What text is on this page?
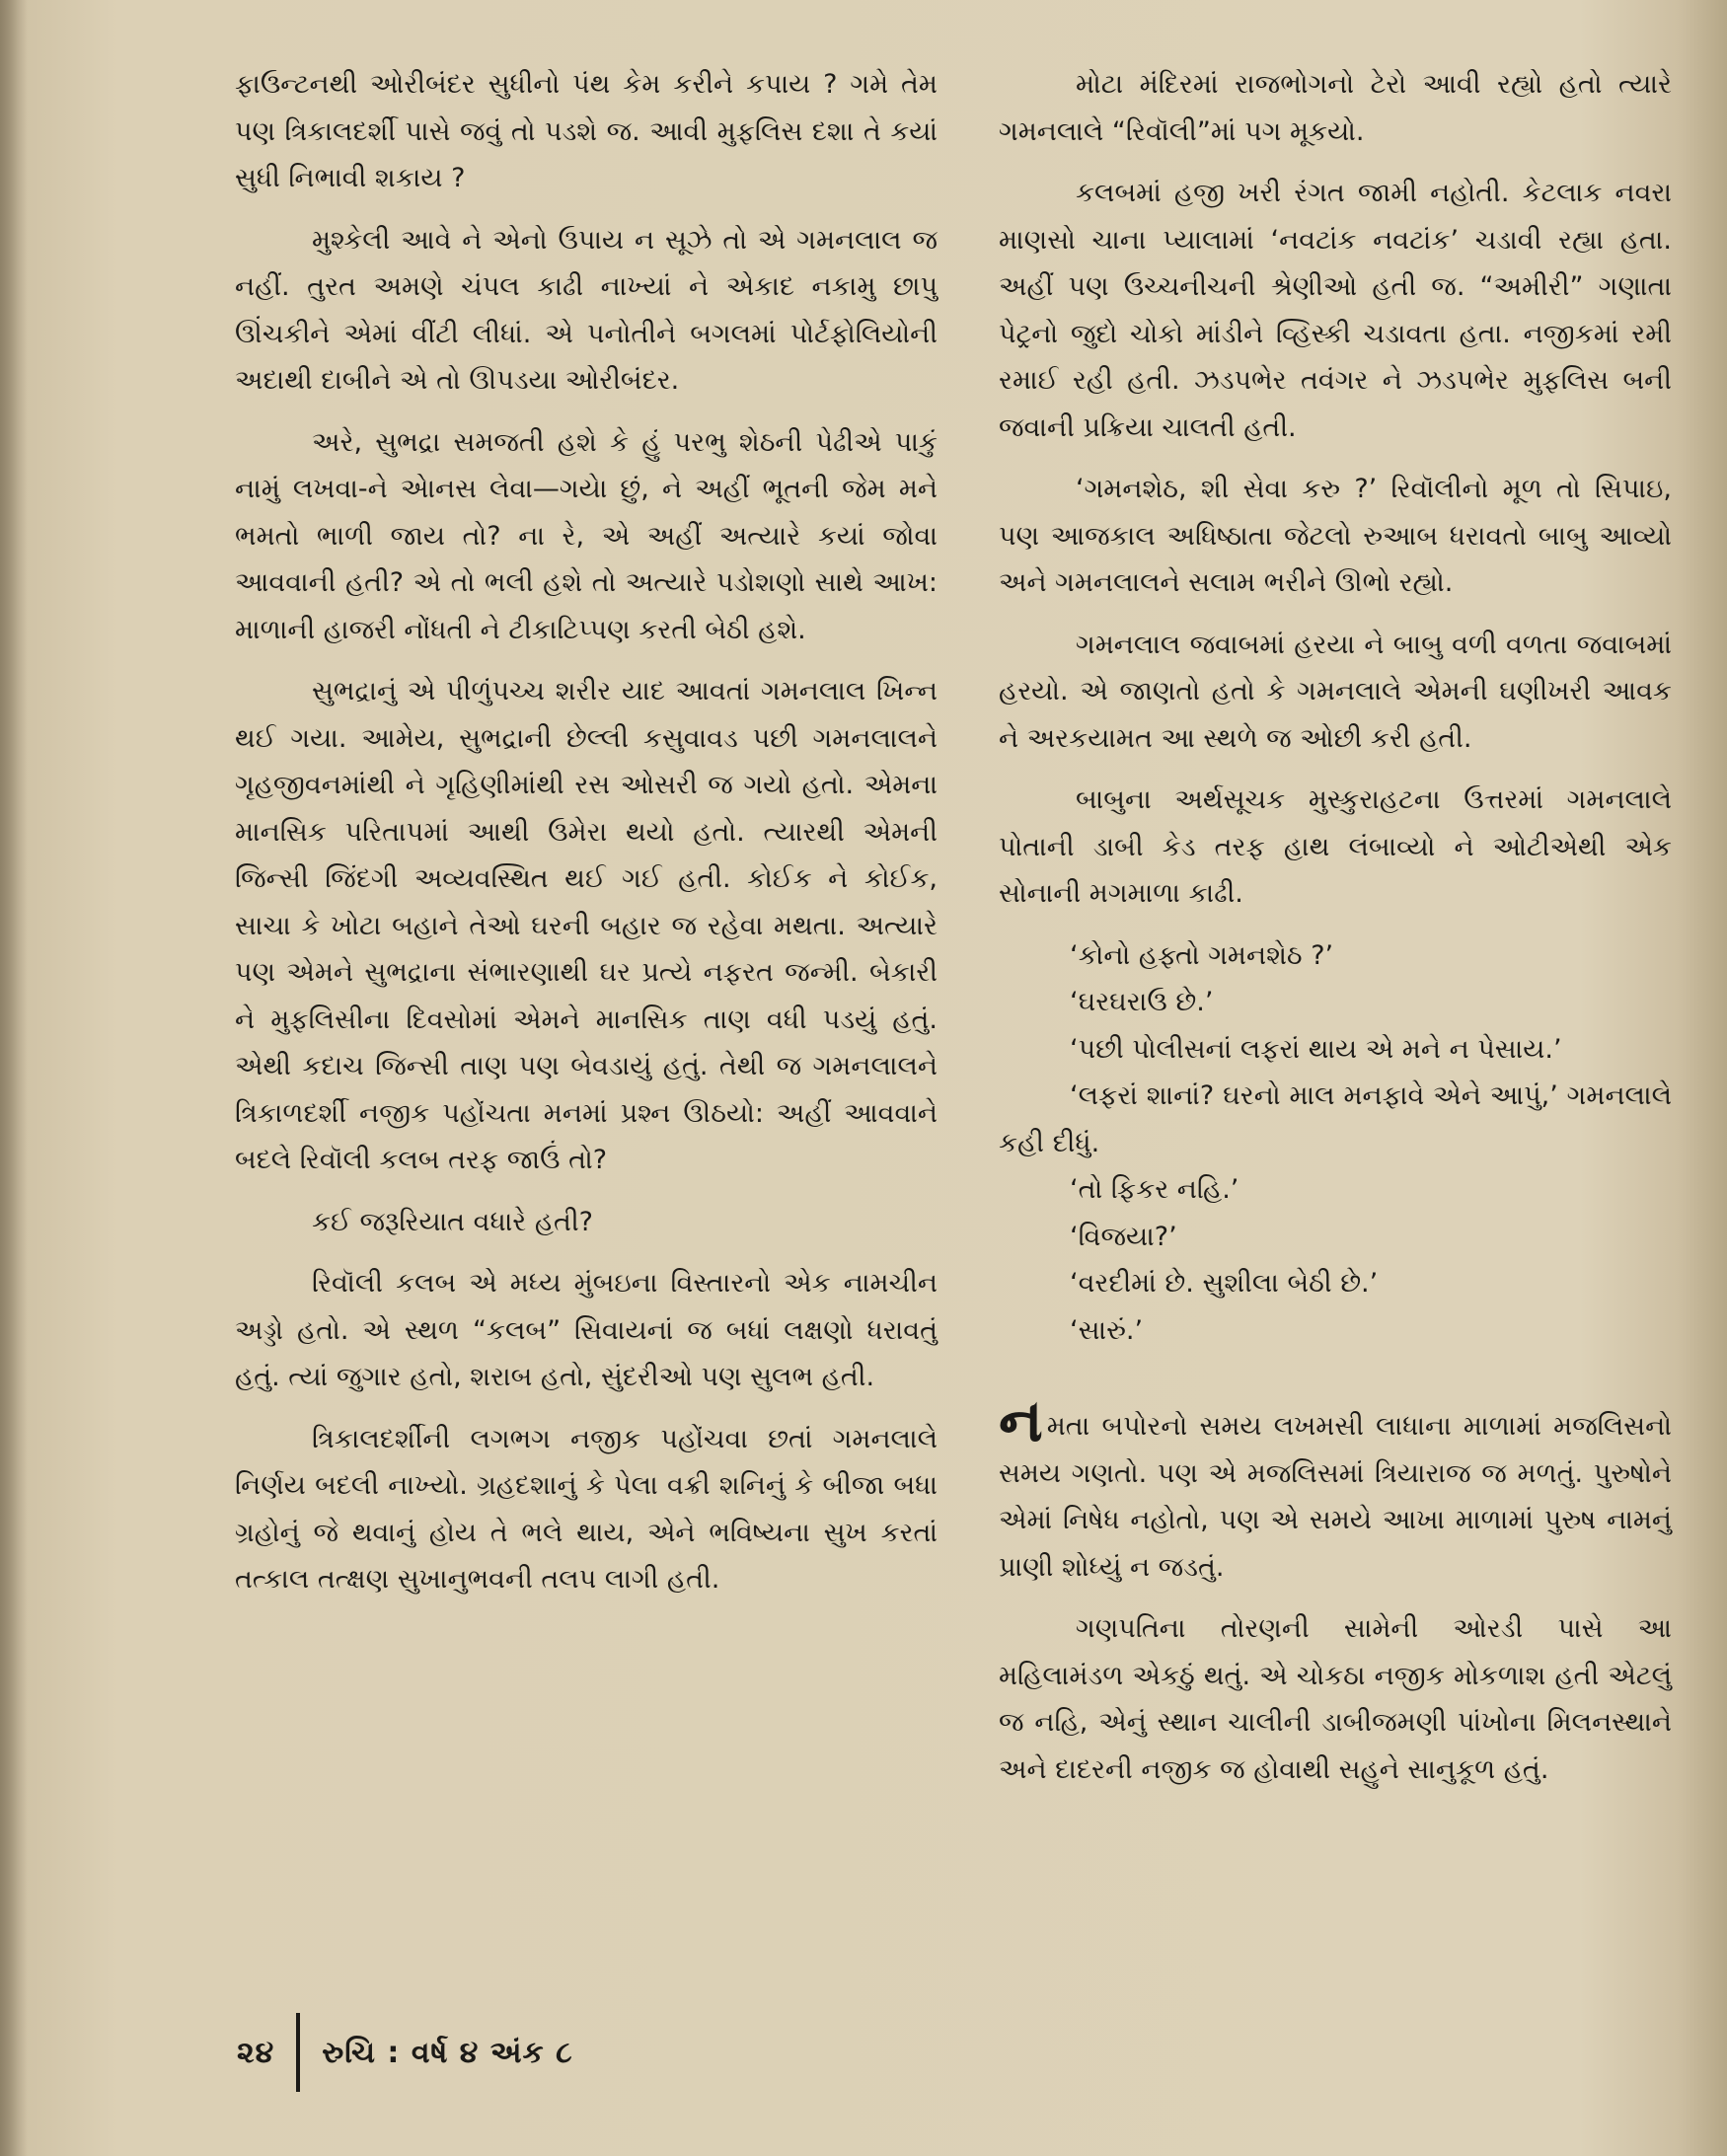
ફાઉન્ટનથી ઓરીબંદર સુધીનો પંથ કેમ કરીને કપાય ? ગમે તેમ પણ ત્રિકાલદર્શી પાસે જવું તો પડશે જ. આવી મુફલિસ દશા તે કયાં સુધી નિભાવી શકાય ?

મુશ્કેલી આવે ને એનો ઉપાય ન સૂઝે તો એ ગમનલાલ જ નહીં. તુરત અમણે ચંપલ કાઢી નાખ્યાં ને એકાદ નકામુ છાપુ ઊંચકીને એમાં વીંટી લીધાં. એ પનોતીને બગલમાં પોર્ટફોલિયોની અદાથી દાબીને એ તો ઊપડયા ઓરીબંદર.

અરે, સુભદ્રા સમજતી હશે કે હું પરભુ શેઠની પેઢીએ પાકું નામું લખવા-ને એાનસ લેવા—ગયેા છું, ને અહીં ભૂતની જેમ મને ભમતો ભાળી જાય તો? ના રે, એ અહીં અત્યારે કયાં જોવા આવવાની હતી? એ તો ભલી હશે તો અત્યારે પડોશણો સાથે આખ: માળાની હાજરી નોંધતી ને ટીકાટિપ્પણ કરતી બેઠી હશે.

સુભદ્રાનું એ પીળુંપચ્ચ શરીર યાદ આવતાં ગમનલાલ ખિન્ન થઈ ગયા. આમેય, સુભદ્રાની છેલ્લી કસુવાવડ પછી ગમનલાલને ગૃહજીવનમાંથી ને ગૃહિણીમાંથી રસ ઓસરી જ ગયો હતો. એમના માનસિક પરિતાપમાં આથી ઉમેરા થયો હતો. ત્યારથી એમની જિન્સી જિંદગી અવ્યવસ્થિત થઈ ગઈ હતી. કોઈક ને કોઈક, સાચા કે ખોટા બહાને તેઓ ઘરની બહાર જ રહેવા મથતા. અત્યારે પણ એમને સુભદ્રાના સંભારણાથી ઘર પ્રત્યે નફરત જન્મી. બેકારી ને મુફલિસીના દિવસોમાં એમને માનસિક તાણ વધી પડયું હતું. એથી કદાચ જિન્સી તાણ પણ બેવડાયું હતું. તેથી જ ગમનલાલને ત્રિકાળદર્શી નજીક પહોંચતા મનમાં પ્રશ્ન ઊઠયો: અહીં આવવાને બદલે રિવૉલી કલબ તરફ જાઉં તો?

કઈ જરૂરિયાત વધારે હતી?

રિવૉલી કલબ એ મધ્ય મુંબઇના વિસ્તારનો એક નામચીન અડ્ડો હતો. એ સ્થળ “કલબ” સિવાયનાં જ બધાં લક્ષણો ધરાવતું હતું. ત્યાં જુગાર હતો, શરાબ હતો, સુંદરીઓ પણ સુલભ હતી.

ત્રિકાલદર્શીની લગભગ નજીક પહોંચવા છતાં ગમનલાલે નિર્ણય બદલી નાખ્યો. ગ્રહદશાનું કે પેલા વક્રી શનિનું કે બીજા બધા ગ્રહોનું જે થવાનું હોય તે ભલે થાય, એને ભવિષ્યના સુખ કરતાં તત્કાલ તત્ક્ષણ સુખાનુભવની તલપ લાગી હતી.

મોટા મંદિરમાં રાજભોગનો ટેરો આવી રહ્યો હતો ત્યારે ગમનલાલે “રિવૉલી”માં પગ મૂકયો.

કલબમાં હજી ખરી રંગત જામી નહોતી. કેટલાક નવરા માણસો ચાના પ્યાલામાં ‘નવટાંક નવટાંક’ ચડાવી રહ્યા હતા. અહીં પણ ઉચ્ચનીચની શ્રેણીઓ હતી જ. “અમીરી” ગણાતા પેટ્રનો જુદો ચોકો માંડીને વ્હિસ્કી ચડાવતા હતા. નજીકમાં રમી રમાઈ રહી હતી. ઝડપભેર તવંગર ને ઝડપભેર મુફલિસ બની જવાની પ્રક્રિયા ચાલતી હતી.

‘ગમનશેઠ, શી સેવા કરુ ?’ રિવૉલીનો મૂળ તો સિપાઇ, પણ આજકાલ અધિષ્ઠાતા જેટલો રુઆબ ધરાવતો બાબુ આવ્યો અને ગમનલાલને સલામ ભરીને ઊભો રહ્યો.

ગમનલાલ જવાબમાં હરયા ને બાબુ વળી વળતા જવાબમાં હરયો. એ જાણતો હતો કે ગમનલાલે એમની ઘણીખરી આવક ને અરકયામત આ સ્થળે જ ઓછી કરી હતી.

બાબુના અર્થસૂચક મુસ્કુરાહટના ઉત્તરમાં ગમનલાલે પોતાની ડાબી કેડ તરફ હાથ લંબાવ્યો ને ઓટીએથી એક સોનાની મગમાળા કાઢી.

‘કોનો હફ્તો ગમનશેઠ ?’

‘ઘરઘરાઉ છે.’

‘પછી પોલીસનાં લફરાં થાય એ મને ન પેસાય.’

‘લફરાં શાનાં? ઘરનો માલ મનફાવે એને આપું,’ ગમનલાલે કહી દીધું.

‘તો ફિકર નહિ.’

‘વિજયા?’

‘વરદીમાં છે. સુશીલા બેઠી છે.’

‘સારું.’

નમતા બપોરનો સમય લખમસી લાધાના માળામાં મજલિસનો સમય ગણતો. પણ એ મજલિસમાં ત્રિયારાજ જ મળતું. પુરુષોને એમાં નિષેધ નહોતો, પણ એ સમયે આખા માળામાં પુરુષ નામનું પ્રાણી શોધ્યું ન જડતું.

ગણપતિના તોરણની સામેની ઓરડી પાસે આ મહિલામંડળ એકઠું થતું. એ ચોકઠા નજીક મોકળાશ હતી એટલું જ નહિ, એનું સ્થાન ચાલીની ડાબીજમણી પાંખોના મિલનસ્થાને અને દાદરની નજીક જ હોવાથી સહુને સાનુકૂળ હતું.

૨૪ રુચિ : વર્ષ ૪ અંક ૮
